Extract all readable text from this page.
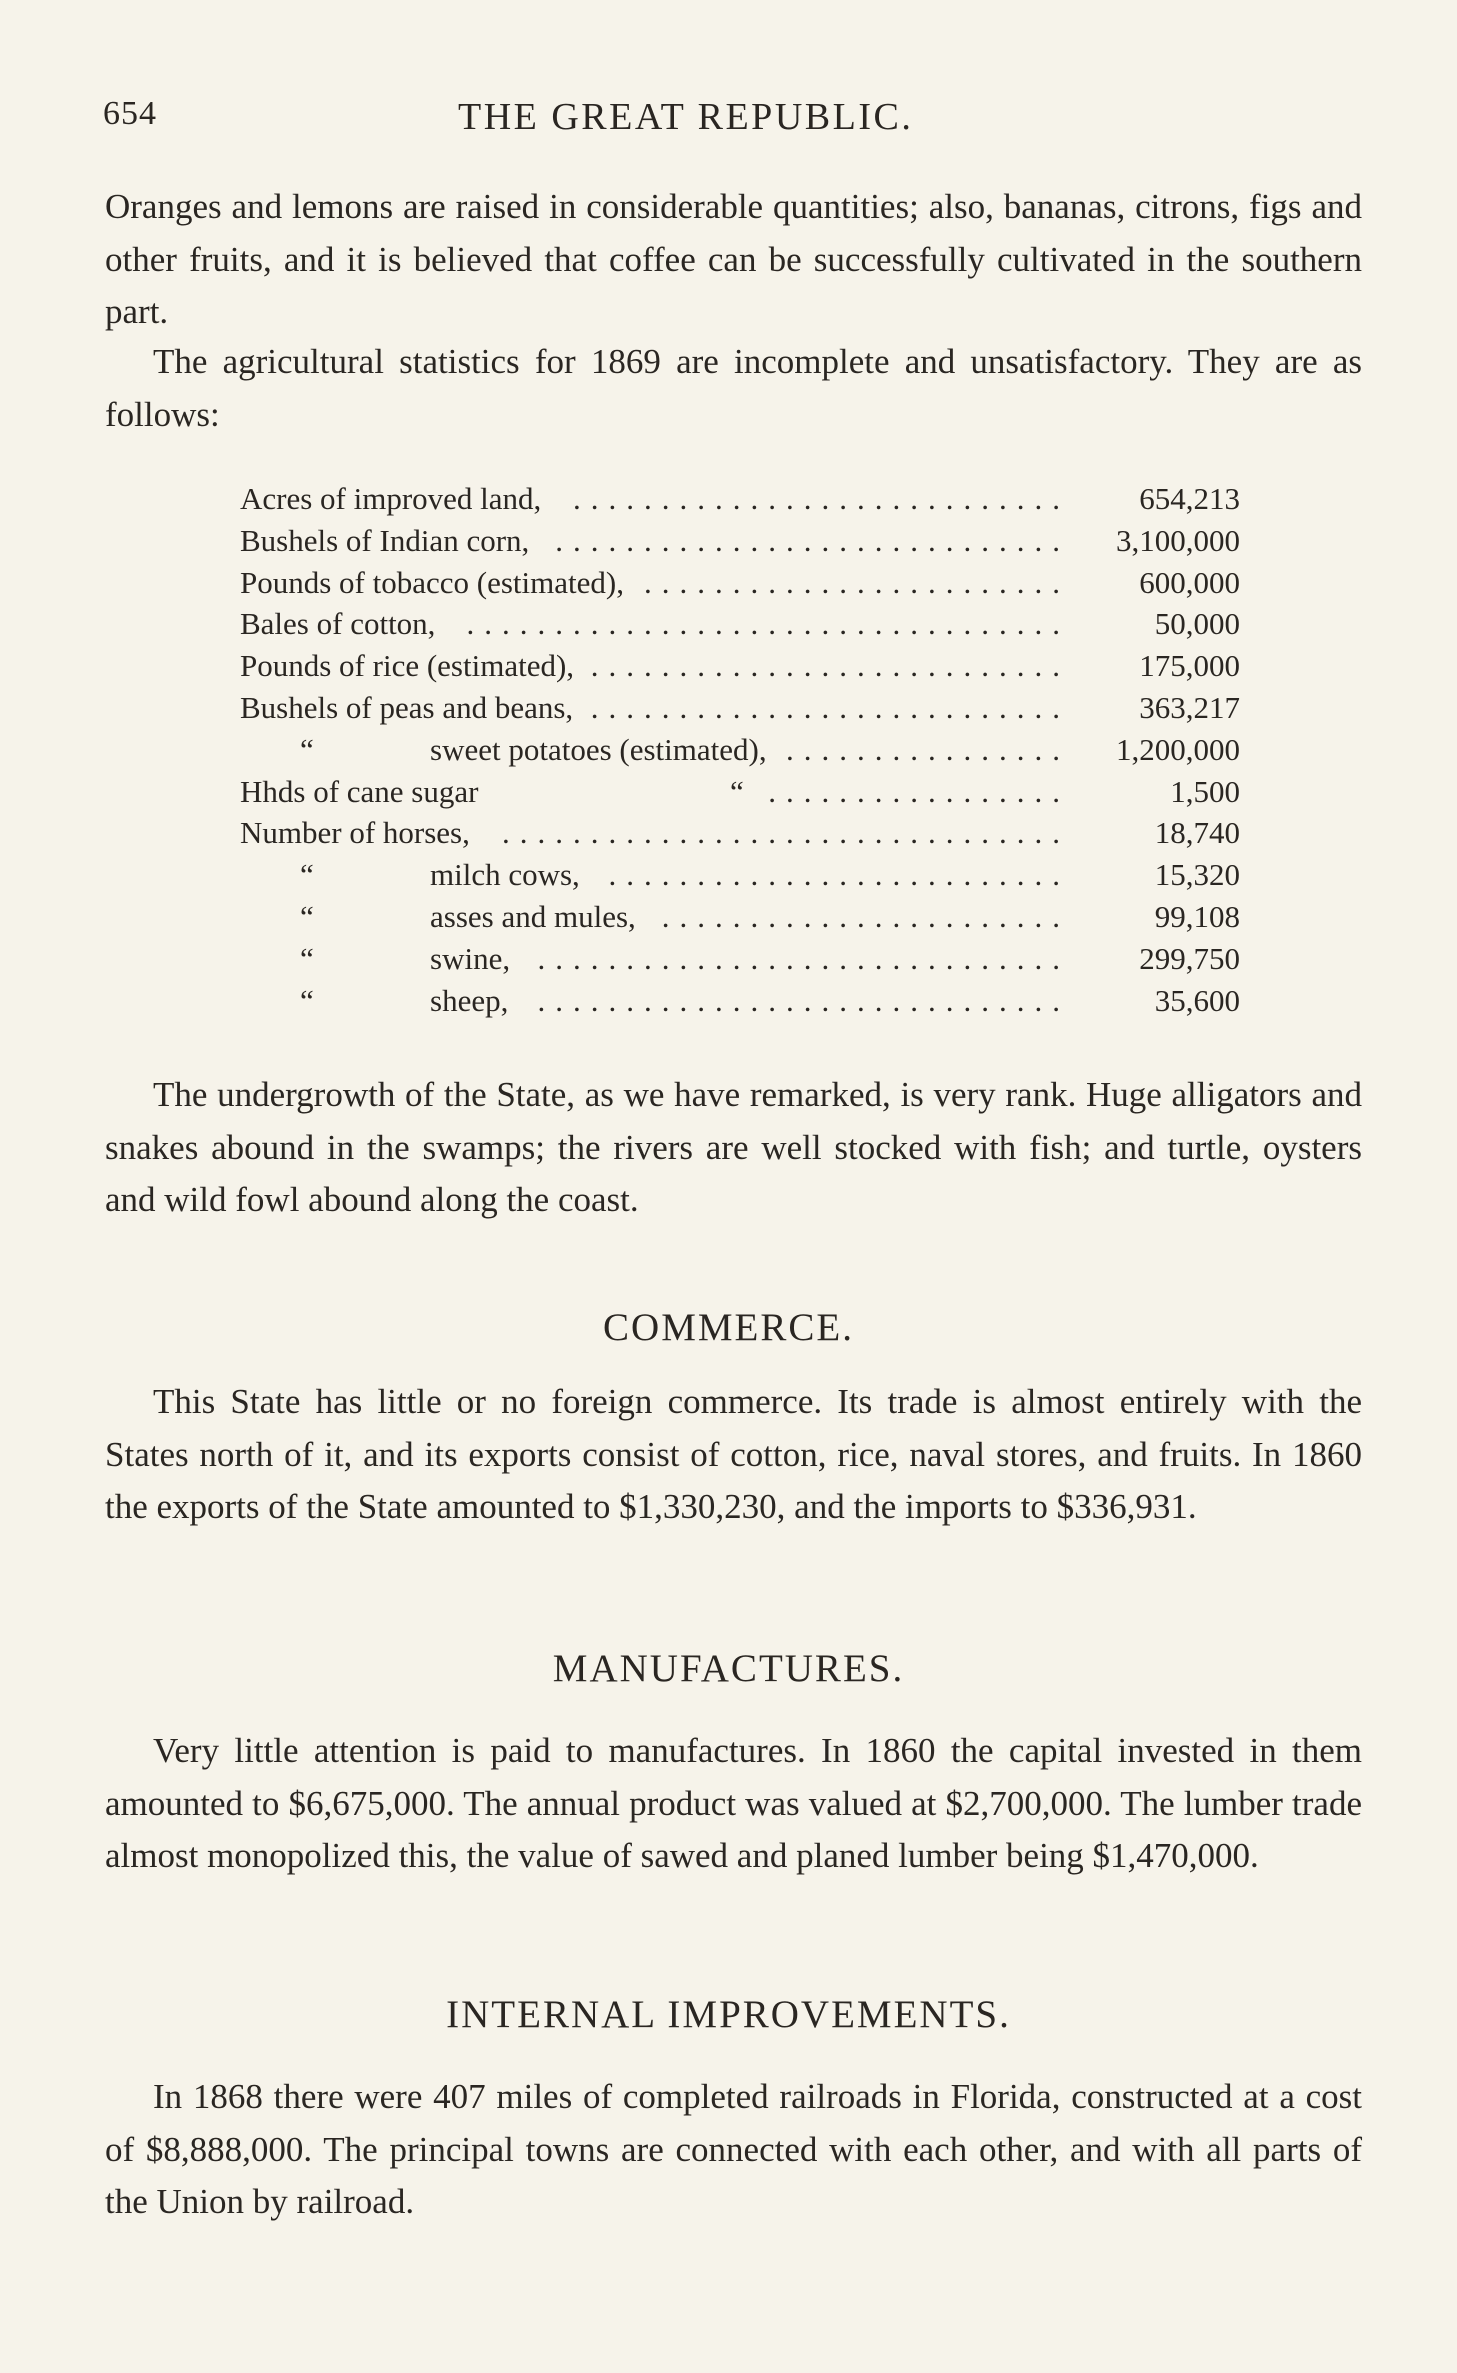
654	THE GREAT REPUBLIC.

Oranges and lemons are raised in considerable quantities; also, bananas, citrons, figs and other fruits, and it is believed that coffee can be successfully cultivated in the southern part.

The agricultural statistics for 1869 are incomplete and unsatisfactory. They are as follows:

Acres of improved land, ............................	654,213
Bushels of Indian corn, .............................	3,100,000
Pounds of tobacco (estimated), ........................	600,000
Bales of cotton, ..................................	50,000
Pounds of rice (estimated), ...........................	175,000
Bushels of peas and beans, ...........................	363,217
“	sweet potatoes (estimated), ................	1,200,000
Hhds of cane sugar	“ .................	1,500
Number of horses, ................................	18,740
“	milch cows, ..........................	15,320
“	asses and mules, .......................	99,108
“	swine, ..............................	299,750
“	sheep, ..............................	35,600

The undergrowth of the State, as we have remarked, is very rank. Huge alligators and snakes abound in the swamps; the rivers are well stocked with fish; and turtle, oysters and wild fowl abound along the coast.

COMMERCE.

This State has little or no foreign commerce. Its trade is almost entirely with the States north of it, and its exports consist of cotton, rice, naval stores, and fruits. In 1860 the exports of the State amounted to $1,330,230, and the imports to $336,931.

MANUFACTURES.

Very little attention is paid to manufactures. In 1860 the capital invested in them amounted to $6,675,000. The annual product was valued at $2,700,000. The lumber trade almost monopolized this, the value of sawed and planed lumber being $1,470,000.

INTERNAL IMPROVEMENTS.

In 1868 there were 407 miles of completed railroads in Florida, constructed at a cost of $8,888,000. The principal towns are connected with each other, and with all parts of the Union by railroad.
